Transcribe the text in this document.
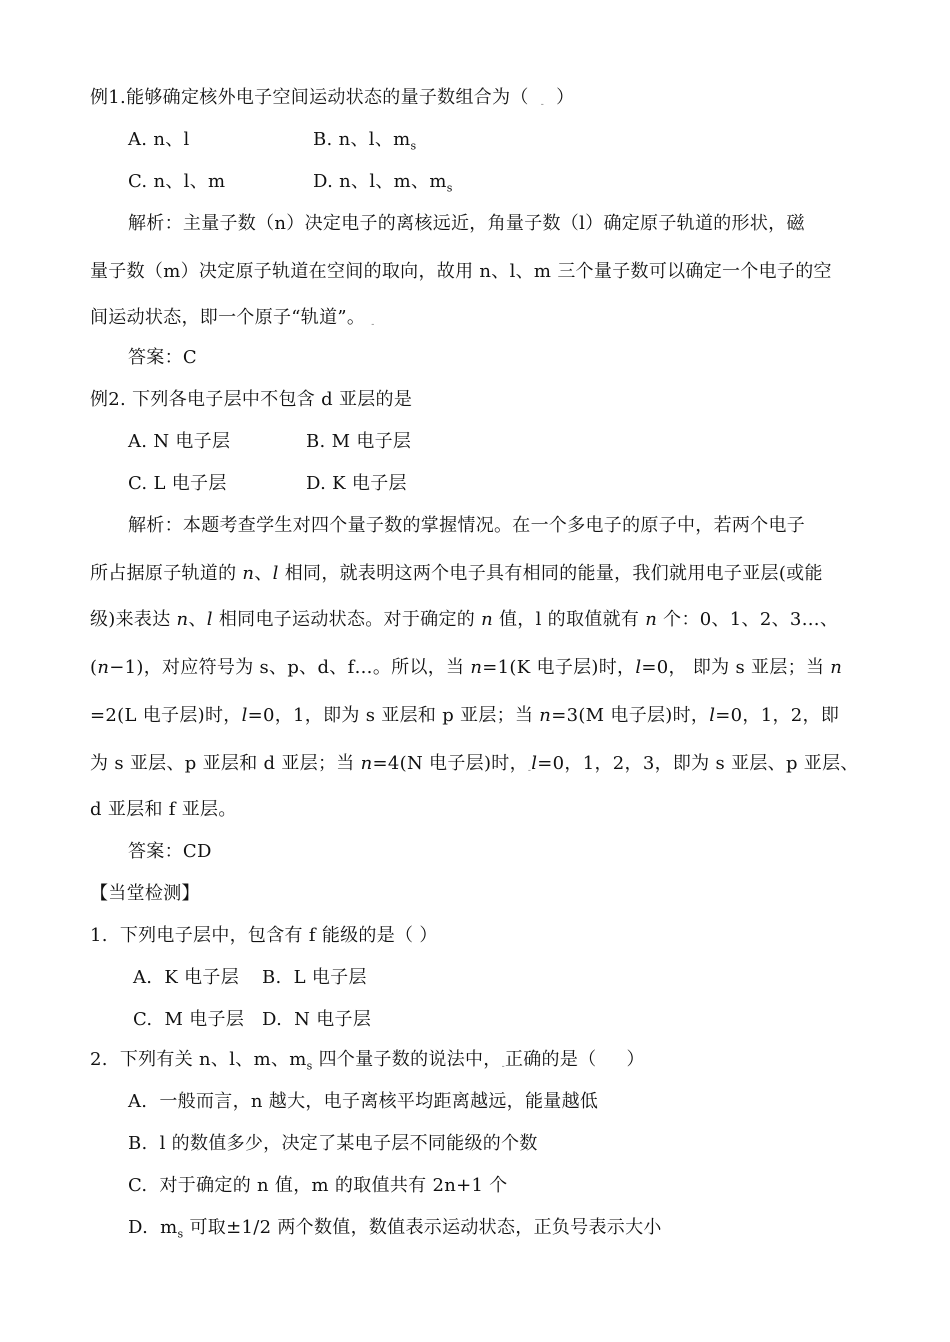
例1.能够确定核外电子空间运动状态的量子数组合为（  $_-$  ）
A. n、l	B. n、l、$m_s$
C. n、l、m	D. n、l、m、$m_s$
解析：主量子数（n）决定电子的离核远近，角量子数（l）确定原子轨道的形状，磁
量子数（m）决定原子轨道在空间的取向，故用 n、l、m 三个量子数可以确定一个电子的空
间运动状态，即一个原子“轨道”。 $_-$
答案：C
例2. 下列各电子层中不包含 d 亚层的是
A. N 电子层	B. M 电子层
C. L 电子层	D. K 电子层
解析：本题考查学生对四个量子数的掌握情况。在一个多电子的原子中，若两个电子
所占据原子轨道的 n、l 相同，就表明这两个电子具有相同的能量，我们就用电子亚层(或能
级)来表达 n、l 相同电子运动状态。对于确定的 n 值，l 的取值就有 n 个：0、1、2、3…、
(n−1)，对应符号为 s、p、d、f…。所以，当 n=1(K 电子层)时，l=0， 即为 s 亚层；当 n
=2(L 电子层)时，l=0，1，即为 s 亚层和 p 亚层；当 n=3(M 电子层)时，l=0，1，2，即
为 s 亚层、p 亚层和 d 亚层；当 n=4(N 电子层)时，$_-$l=0，1，2，3，即为 s 亚层、p 亚层、
d 亚层和 f 亚层。
答案：CD
【当堂检测】
1.  下列电子层中，包含有 f 能级的是（ ）
A.  K 电子层 B.  L 电子层
C.  M 电子层 D.  N 电子层
2.  下列有关 n、l、m、$m_s$ 四个量子数的说法中，$_-$正确的是（     ）
A.  一般而言，n 越大，电子离核平均距离越远，能量越低
B.  l 的数值多少，决定了某电子层不同能级的个数
C.  对于确定的 n 值，m 的取值共有 2n+1 个
D.  $m_s$ 可取±1/2 两个数值，数值表示运动状态，正负号表示大小
